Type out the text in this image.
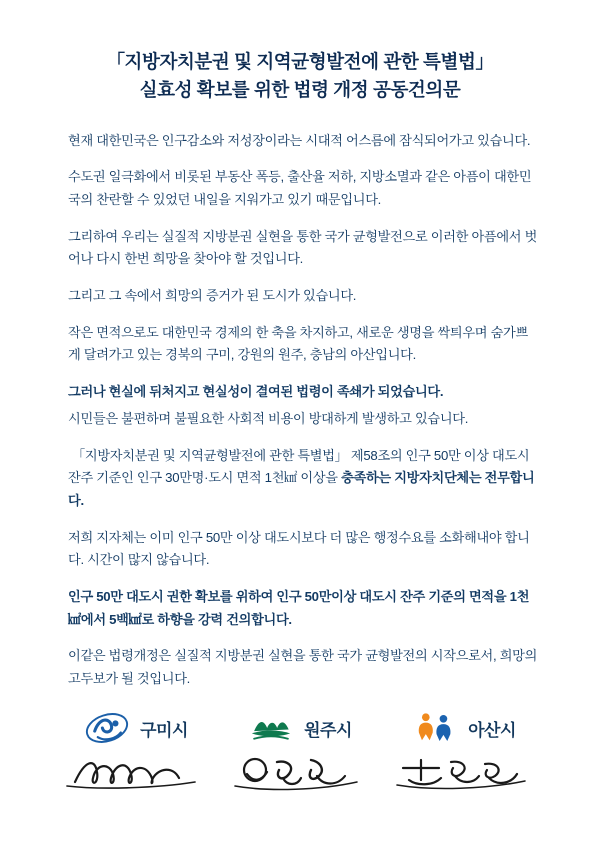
「지방자치분권 및 지역균형발전에 관한 특별법」
실효성 확보를 위한 법령 개정 공동건의문

현재 대한민국은 인구감소와 저성장이라는 시대적 어스름에 잠식되어가고 있습니다.

수도권 일극화에서 비롯된 부동산 폭등, 출산율 저하, 지방소멸과 같은 아픔이 대한민국의 찬란할 수 있었던 내일을 지워가고 있기 때문입니다.

그리하여 우리는 실질적 지방분권 실현을 통한 국가 균형발전으로 이러한 아픔에서 벗어나 다시 한번 희망을 찾아야 할 것입니다.

그리고 그 속에서 희망의 증거가 된 도시가 있습니다.

작은 면적으로도 대한민국 경제의 한 축을 차지하고, 새로운 생명을 싹틔우며 숨가쁘게 달려가고 있는 경북의 구미, 강원의 원주, 충남의 아산입니다.

그러나 현실에 뒤처지고 현실성이 결여된 법령이 족쇄가 되었습니다.

시민들은 불편하며 불필요한 사회적 비용이 방대하게 발생하고 있습니다.

「지방자치분권 및 지역균형발전에 관한 특별법」 제58조의 인구 50만 이상 대도시 잔주 기준인 인구 30만명·도시 면적 1천㎢ 이상을 충족하는 지방자치단체는 전무합니다.

저희 지자체는 이미 인구 50만 이상 대도시보다 더 많은 행정수요를 소화해내야 합니다. 시간이 많지 않습니다.

인구 50만 대도시 권한 확보를 위하여 인구 50만이상 대도시 잔주 기준의 면적을 1천㎢에서 5백㎢로 하향을 강력 건의합니다.

이같은 법령개정은 실질적 지방분권 실현을 통한 국가 균형발전의 시작으로서, 희망의 고두보가 될 것입니다.

구미시	원주시	아산시
